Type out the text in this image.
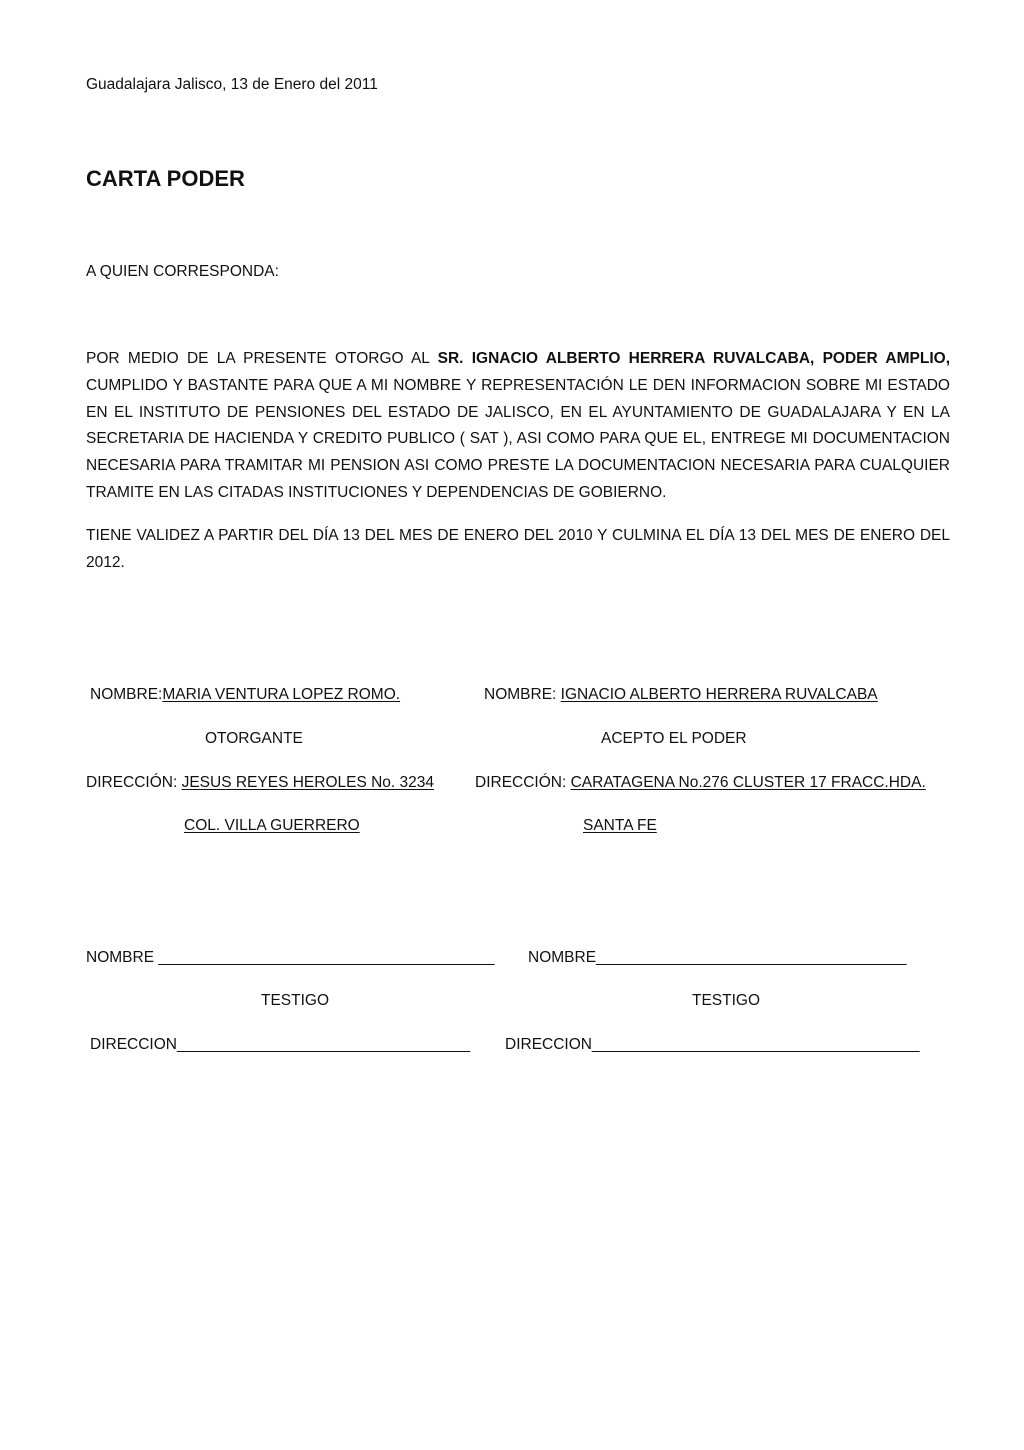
Guadalajara Jalisco, 13 de Enero del 2011
CARTA PODER
A QUIEN CORRESPONDA:
POR MEDIO DE LA PRESENTE OTORGO AL SR. IGNACIO ALBERTO HERRERA RUVALCABA, PODER AMPLIO, CUMPLIDO Y BASTANTE PARA QUE A MI NOMBRE Y REPRESENTACIÓN LE DEN INFORMACION SOBRE MI ESTADO EN EL INSTITUTO DE PENSIONES DEL ESTADO DE JALISCO, EN EL AYUNTAMIENTO DE GUADALAJARA Y EN LA SECRETARIA DE HACIENDA Y CREDITO PUBLICO ( SAT ), ASI COMO PARA QUE EL, ENTREGE MI DOCUMENTACION NECESARIA PARA TRAMITAR MI PENSION ASI COMO PRESTE LA DOCUMENTACION NECESARIA PARA CUALQUIER TRAMITE EN LAS CITADAS INSTITUCIONES Y DEPENDENCIAS DE GOBIERNO.
TIENE VALIDEZ A PARTIR DEL DÍA 13 DEL MES DE ENERO DEL 2010 Y CULMINA EL DÍA 13 DEL MES DE ENERO DEL 2012.
NOMBRE:MARIA VENTURA LOPEZ ROMO.
OTORGANTE
DIRECCIÓN: JESUS REYES HEROLES No. 3234
COL. VILLA GUERRERO
NOMBRE: IGNACIO ALBERTO HERRERA RUVALCABA
ACEPTO EL PODER
DIRECCIÓN: CARATAGENA No.276 CLUSTER 17 FRACC.HDA.
SANTA FE
NOMBRE _______________________________________ NOMBRE____________________________________
TESTIGO	TESTIGO
DIRECCION__________________________________ DIRECCION______________________________________
